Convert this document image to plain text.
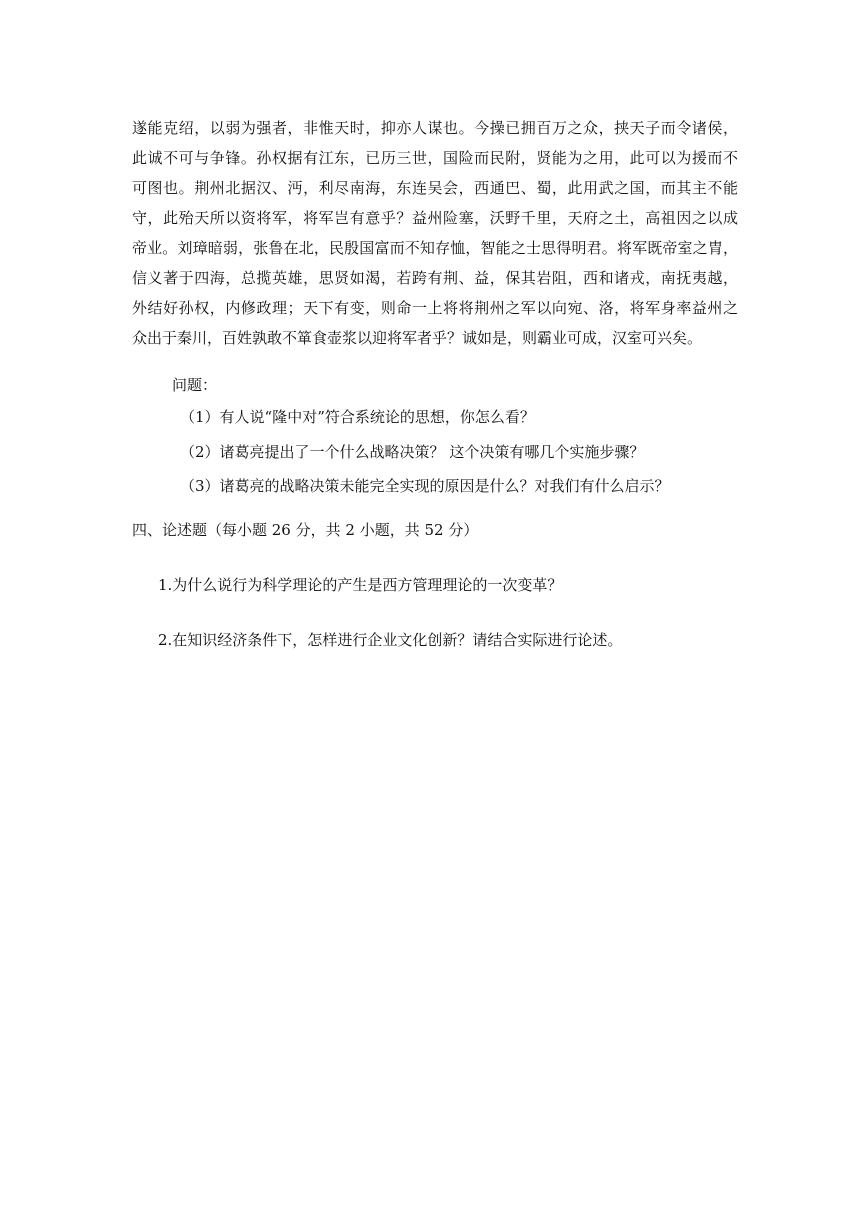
遂能克绍，以弱为强者，非惟天时，抑亦人谋也。今操已拥百万之众，挟天子而令诸侯，
此诚不可与争锋。孙权据有江东，已历三世，国险而民附，贤能为之用，此可以为援而不
可图也。荆州北据汉、沔，利尽南海，东连吴会，西通巴、蜀，此用武之国，而其主不能
守，此殆天所以资将军，将军岂有意乎？益州险塞，沃野千里，天府之土，高祖因之以成
帝业。刘璋暗弱，张鲁在北，民殷国富而不知存恤，智能之士思得明君。将军既帝室之胄，
信义著于四海，总揽英雄，思贤如渴，若跨有荆、益，保其岩阻，西和诸戎，南抚夷越，
外结好孙权，内修政理；天下有变，则命一上将将荆州之军以向宛、洛，将军身率益州之
众出于秦川，百姓孰敢不箪食壶浆以迎将军者乎？诚如是，则霸业可成，汉室可兴矣。
问题：
（1）有人说“隆中对”符合系统论的思想，你怎么看？
（2）诸葛亮提出了一个什么战略决策？ 这个决策有哪几个实施步骤？
（3）诸葛亮的战略决策未能完全实现的原因是什么？对我们有什么启示？
四、论述题（每小题 26 分，共 2 小题，共 52 分）
1.为什么说行为科学理论的产生是西方管理理论的一次变革？
2.在知识经济条件下，怎样进行企业文化创新？请结合实际进行论述。
